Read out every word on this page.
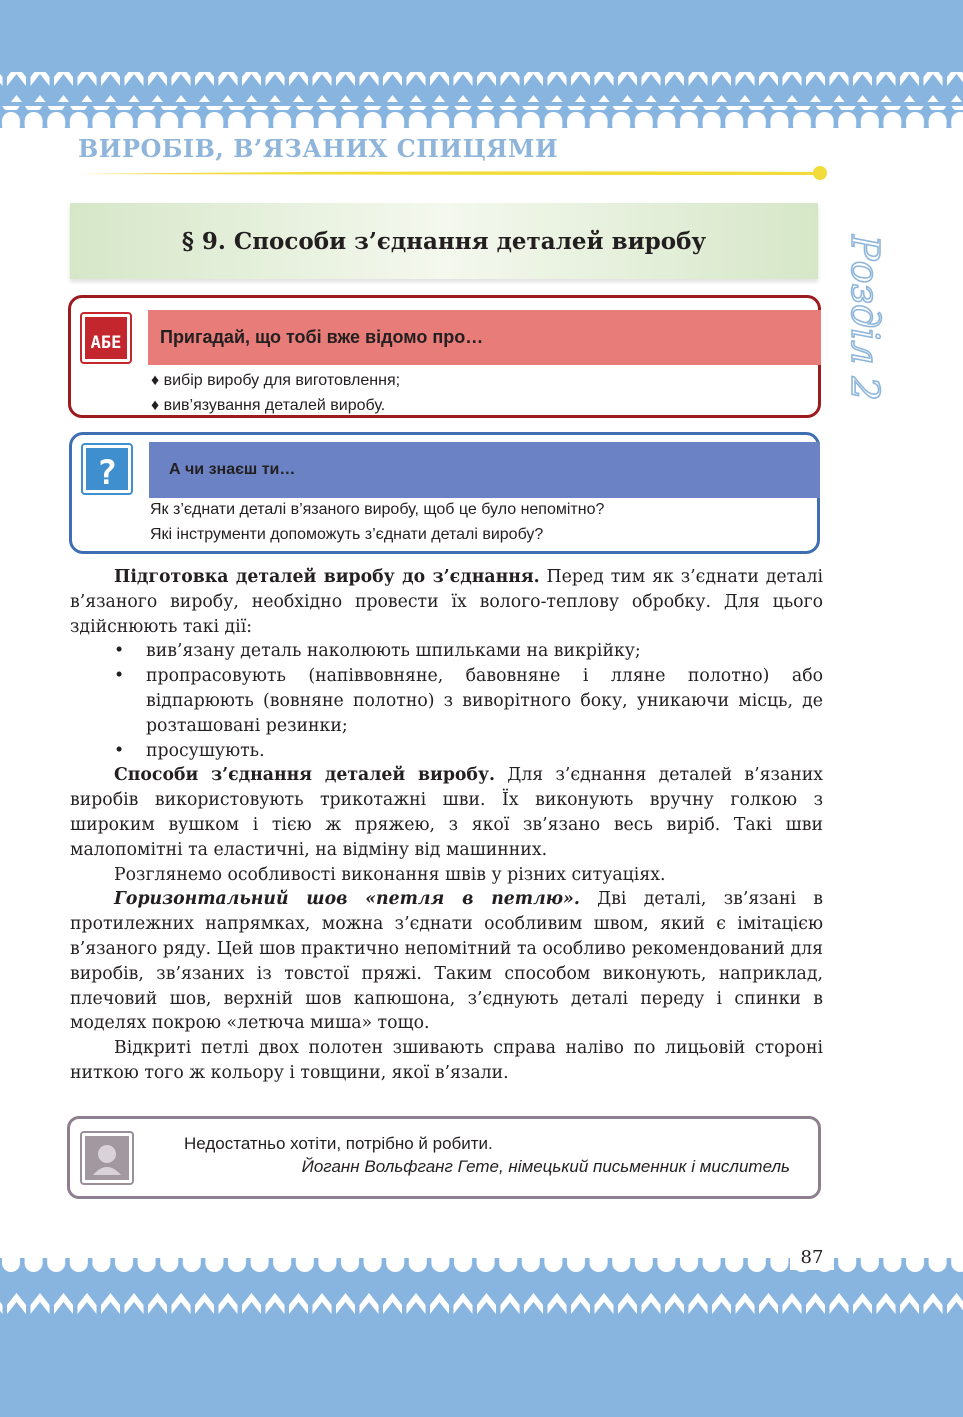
ВИРОБІВ, В’ЯЗАНИХ СПИЦЯМИ
§ 9. Способи з’єднання деталей виробу	Розділ 2
АБЕ	Пригадай, що тобі вже відомо про…
♦ вибір виробу для виготовлення;
♦ вив’язування деталей виробу.
?	А чи знаєш ти…
Як з’єднати деталі в’язаного виробу, щоб це було непомітно?
Які інструменти допоможуть з’єднати деталі виробу?

Підготовка деталей виробу до з’єднання. Перед тим як з’єднати деталі в’язаного виробу, необхідно провести їх волого-теплову обробку. Для цього здійснюють такі дії:

• вив’язану деталь наколюють шпильками на викрійку;
• пропрасовують (напіввовняне, бавовняне і лляне полотно) або відпарюють (вовняне полотно) з виворітного боку, уникаючи місць, де розташовані резинки;
• просушують.

Способи з’єднання деталей виробу. Для з’єднання деталей в’язаних виробів використовують трикотажні шви. Їх виконують вручну голкою з широким вушком і тією ж пряжею, з якої зв’язано весь виріб. Такі шви малопомітні та еластичні, на відміну від машинних.

Розглянемо особливості виконання швів у різних ситуаціях.

Горизонтальний шов «петля в петлю». Дві деталі, зв’язані в протилежних напрямках, можна з’єднати особливим швом, який є імітацією в’язаного ряду. Цей шов практично непомітний та особливо рекомендований для виробів, зв’язаних із товстої пряжі. Таким способом виконують, наприклад, плечовий шов, верхній шов капюшона, з’єднують деталі переду і спинки в моделях покрою «летюча миша» тощо.

Відкриті петлі двох полотен зшивають справа наліво по лицьовій стороні ниткою того ж кольору і товщини, якої в’язали.

Недостатньо хотіти, потрібно й робити.
Йоганн Вольфганг Гете, німецький письменник і мислитель
87
